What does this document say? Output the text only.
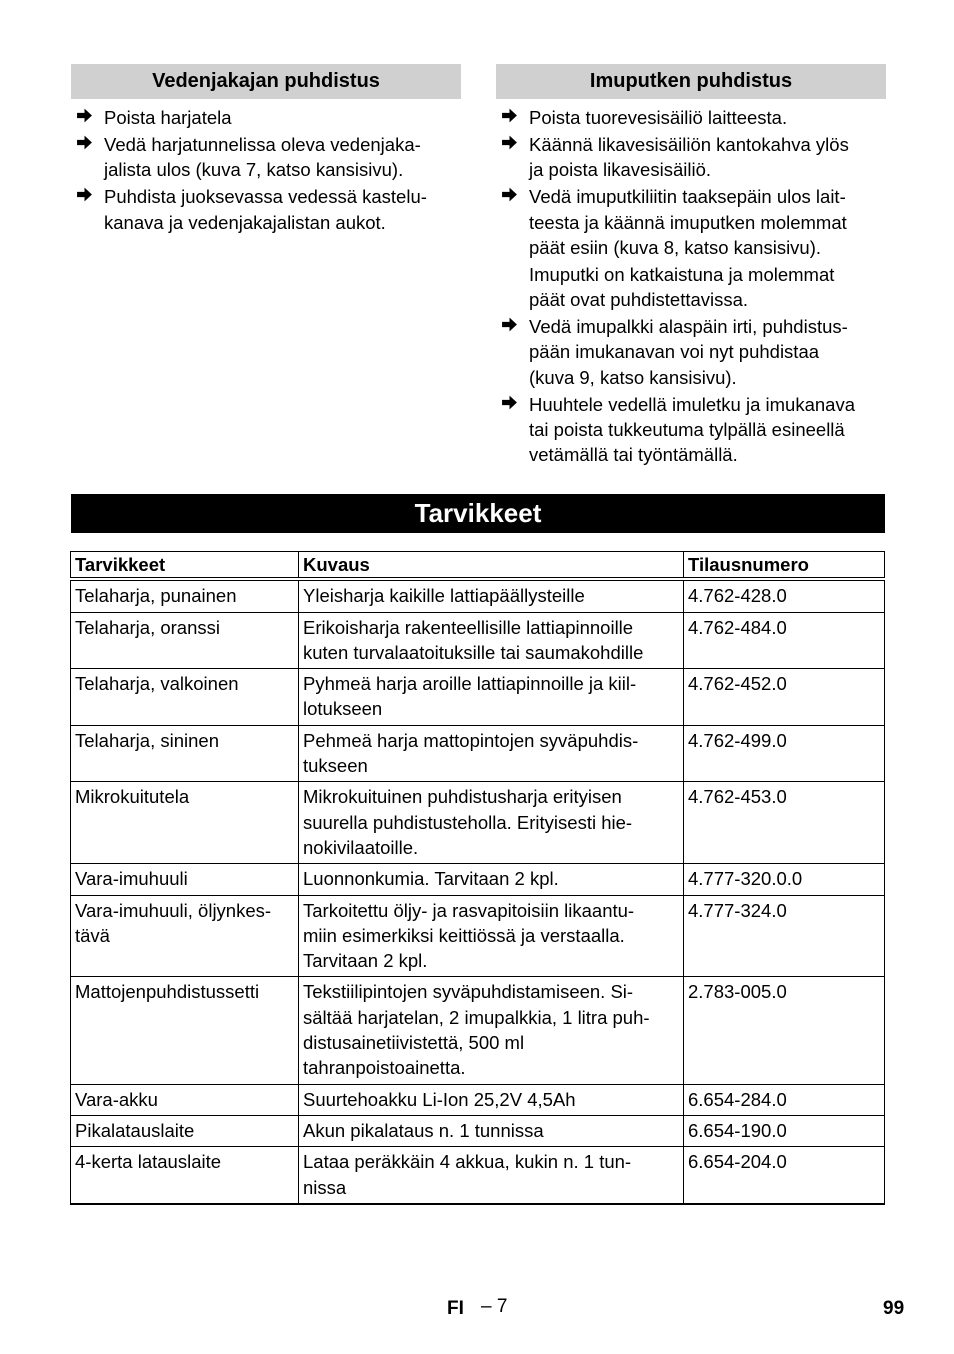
Vedenjakajan puhdistus
Poista harjatela
Vedä harjatunnelissa oleva vedenjaka-
jalista ulos (kuva 7, katso kansisivu).
Puhdista juoksevassa vedessä kastelu-
kanava ja vedenjakajalistan aukot.
Imuputken puhdistus
Poista tuorevesisäiliö laitteesta.
Käännä likavesisäiliön kantokahva ylös
ja poista likavesisäiliö.
Vedä imuputkiliitin taaksepäin ulos lait-
teesta ja käännä imuputken molemmat
päät esiin (kuva 8, katso kansisivu).
Imuputki on katkaistuna ja molemmat
päät ovat puhdistettavissa.
Vedä imupalkki alaspäin irti, puhdistus-
pään imukanavan voi nyt puhdistaa
(kuva 9, katso kansisivu).
Huuhtele vedellä imuletku ja imukanava
tai poista tukkeutuma tylpällä esineellä
vetämällä tai työntämällä.
Tarvikkeet
Tarvikkeet	Kuvaus	Tilausnumero

Telaharja, punainen	Yleisharja kaikille lattiapäällysteille	4.762-428.0

Telaharja, oranssi	Erikoisharja rakenteellisille lattiapinnoille
kuten turvalaatoituksille tai saumakohdille	4.762-484.0

Telaharja, valkoinen	Pyhmeä harja aroille lattiapinnoille ja kiil-
lotukseen	4.762-452.0

Telaharja, sininen	Pehmeä harja mattopintojen syväpuhdis-
tukseen	4.762-499.0

Mikrokuitutela	Mikrokuituinen puhdistusharja erityisen
suurella puhdistusteholla. Erityisesti hie-
nokivilaatoille.	4.762-453.0

Vara-imuhuuli	Luonnonkumia. Tarvitaan 2 kpl.	4.777-320.0.0

Vara-imuhuuli, öljynkes-
tävä	Tarkoitettu öljy- ja rasvapitoisiin likaantu-
miin esimerkiksi keittiössä ja verstaalla.
Tarvitaan 2 kpl.	4.777-324.0

Mattojenpuhdistussetti	Tekstiilipintojen syväpuhdistamiseen. Si-
sältää harjatelan, 2 imupalkkia, 1 litra puh-
distusainetiivistettä, 500 ml
tahranpoistoainetta.	2.783-005.0

Vara-akku	Suurtehoakku Li-Ion 25,2V 4,5Ah	6.654-284.0

Pikalatauslaite	Akun pikalataus n. 1 tunnissa	6.654-190.0

4-kerta latauslaite	Lataa peräkkäin 4 akkua, kukin n. 1 tun-
nissa	6.654-204.0
FI – 7	99
